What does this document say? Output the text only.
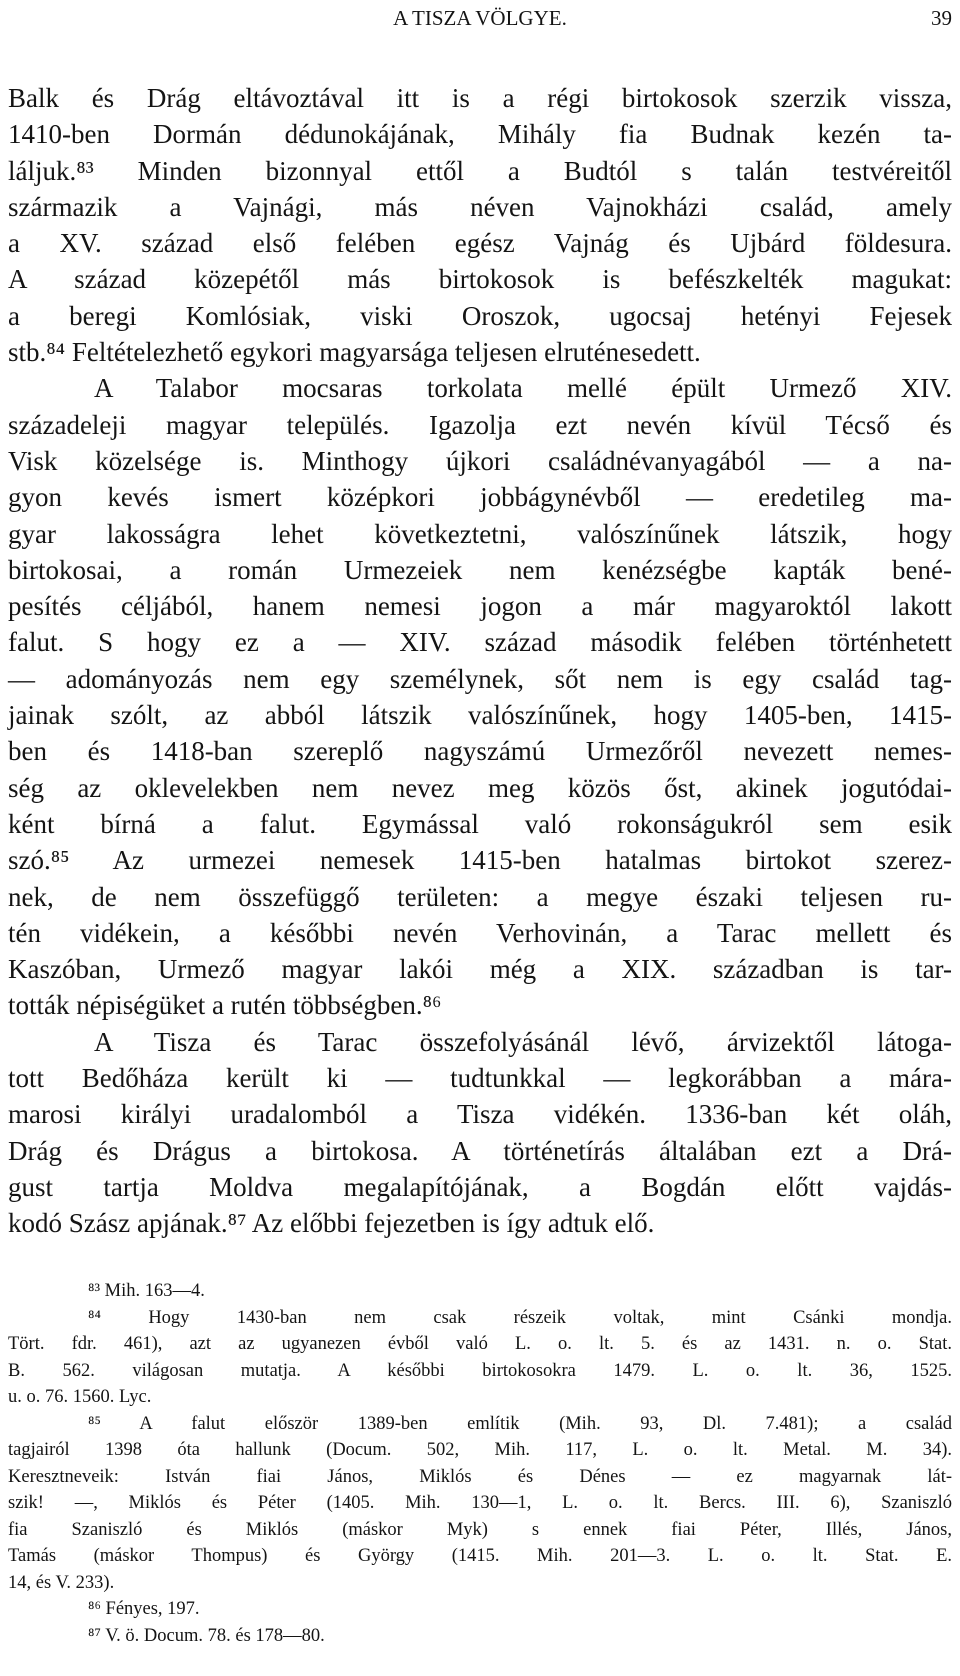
A TISZA VÖLGYE.	39
Balk és Drág eltávoztával itt is a régi birtokosok szerzik vissza,
1410-ben Dormán dédunokájának, Mihály fia Budnak kezén ta-
láljuk.⁸³ Minden bizonnyal ettől a Budtól s talán testvéreitől
származik a Vajnági, más néven Vajnokházi család, amely
a XV. század első felében egész Vajnág és Ujbárd földesura.
A század közepétől más birtokosok is befészkelték magukat:
a beregi Komlósiak, viski Oroszok, ugocsaj hetényi Fejesek
stb.⁸⁴ Feltételezhető egykori magyarsága teljesen elruténesedett.
A Talabor mocsaras torkolata mellé épült Urmező XIV.
századeleji magyar település. Igazolja ezt nevén kívül Técső és
Visk közelsége is. Minthogy újkori családnévanyagából — a na-
gyon kevés ismert középkori jobbágynévből — eredetileg ma-
gyar lakosságra lehet következtetni, valószínűnek látszik, hogy
birtokosai, a román Urmezeiek nem kenézségbe kapták bené-
pesítés céljából, hanem nemesi jogon a már magyaroktól lakott
falut. S hogy ez a — XIV. század második felében történhetett
— adományozás nem egy személynek, sőt nem is egy család tag-
jainak szólt, az abból látszik valószínűnek, hogy 1405-ben, 1415-
ben és 1418-ban szereplő nagyszámú Urmezőről nevezett nemes-
ség az oklevelekben nem nevez meg közös őst, akinek jogutódai-
ként bírná a falut. Egymással való rokonságukról sem esik
szó.⁸⁵ Az urmezei nemesek 1415-ben hatalmas birtokot szerez-
nek, de nem összefüggő területen: a megye északi teljesen ru-
tén vidékein, a későbbi nevén Verhovinán, a Tarac mellett és
Kaszóban, Urmező magyar lakói még a XIX. században is tar-
tották népiségüket a rutén többségben.⁸⁶
A Tisza és Tarac összefolyásánál lévő, árvizektől látoga-
tott Bedőháza került ki — tudtunkkal — legkorábban a mára-
marosi királyi uradalomból a Tisza vidékén. 1336-ban két oláh,
Drág és Drágus a birtokosa. A történetírás általában ezt a Drá-
gust tartja Moldva megalapítójának, a Bogdán előtt vajdás-
kodó Szász apjának.⁸⁷ Az előbbi fejezetben is így adtuk elő.
⁸³ Mih. 163—4.
⁸⁴ Hogy 1430-ban nem csak részeik voltak, mint Csánki mondja.
Tört. fdr. 461), azt az ugyanezen évből való L. o. lt. 5. és az 1431. n. o. Stat.
B. 562. világosan mutatja. A későbbi birtokosokra 1479. L. o. lt. 36, 1525.
u. o. 76. 1560. Lyc.
⁸⁵ A falut először 1389-ben említik (Mih. 93, Dl. 7.481); a család
tagjairól 1398 óta hallunk (Docum. 502, Mih. 117, L. o. lt. Metal. M. 34).
Keresztneveik: István fiai János, Miklós és Dénes — ez magyarnak lát-
szik! —, Miklós és Péter (1405. Mih. 130—1, L. o. lt. Bercs. III. 6), Szaniszló
fia Szaniszló és Miklós (máskor Myk) s ennek fiai Péter, Illés, János,
Tamás (máskor Thompus) és György (1415. Mih. 201—3. L. o. lt. Stat. E.
14, és V. 233).
⁸⁶ Fényes, 197.
⁸⁷ V. ö. Docum. 78. és 178—80.
